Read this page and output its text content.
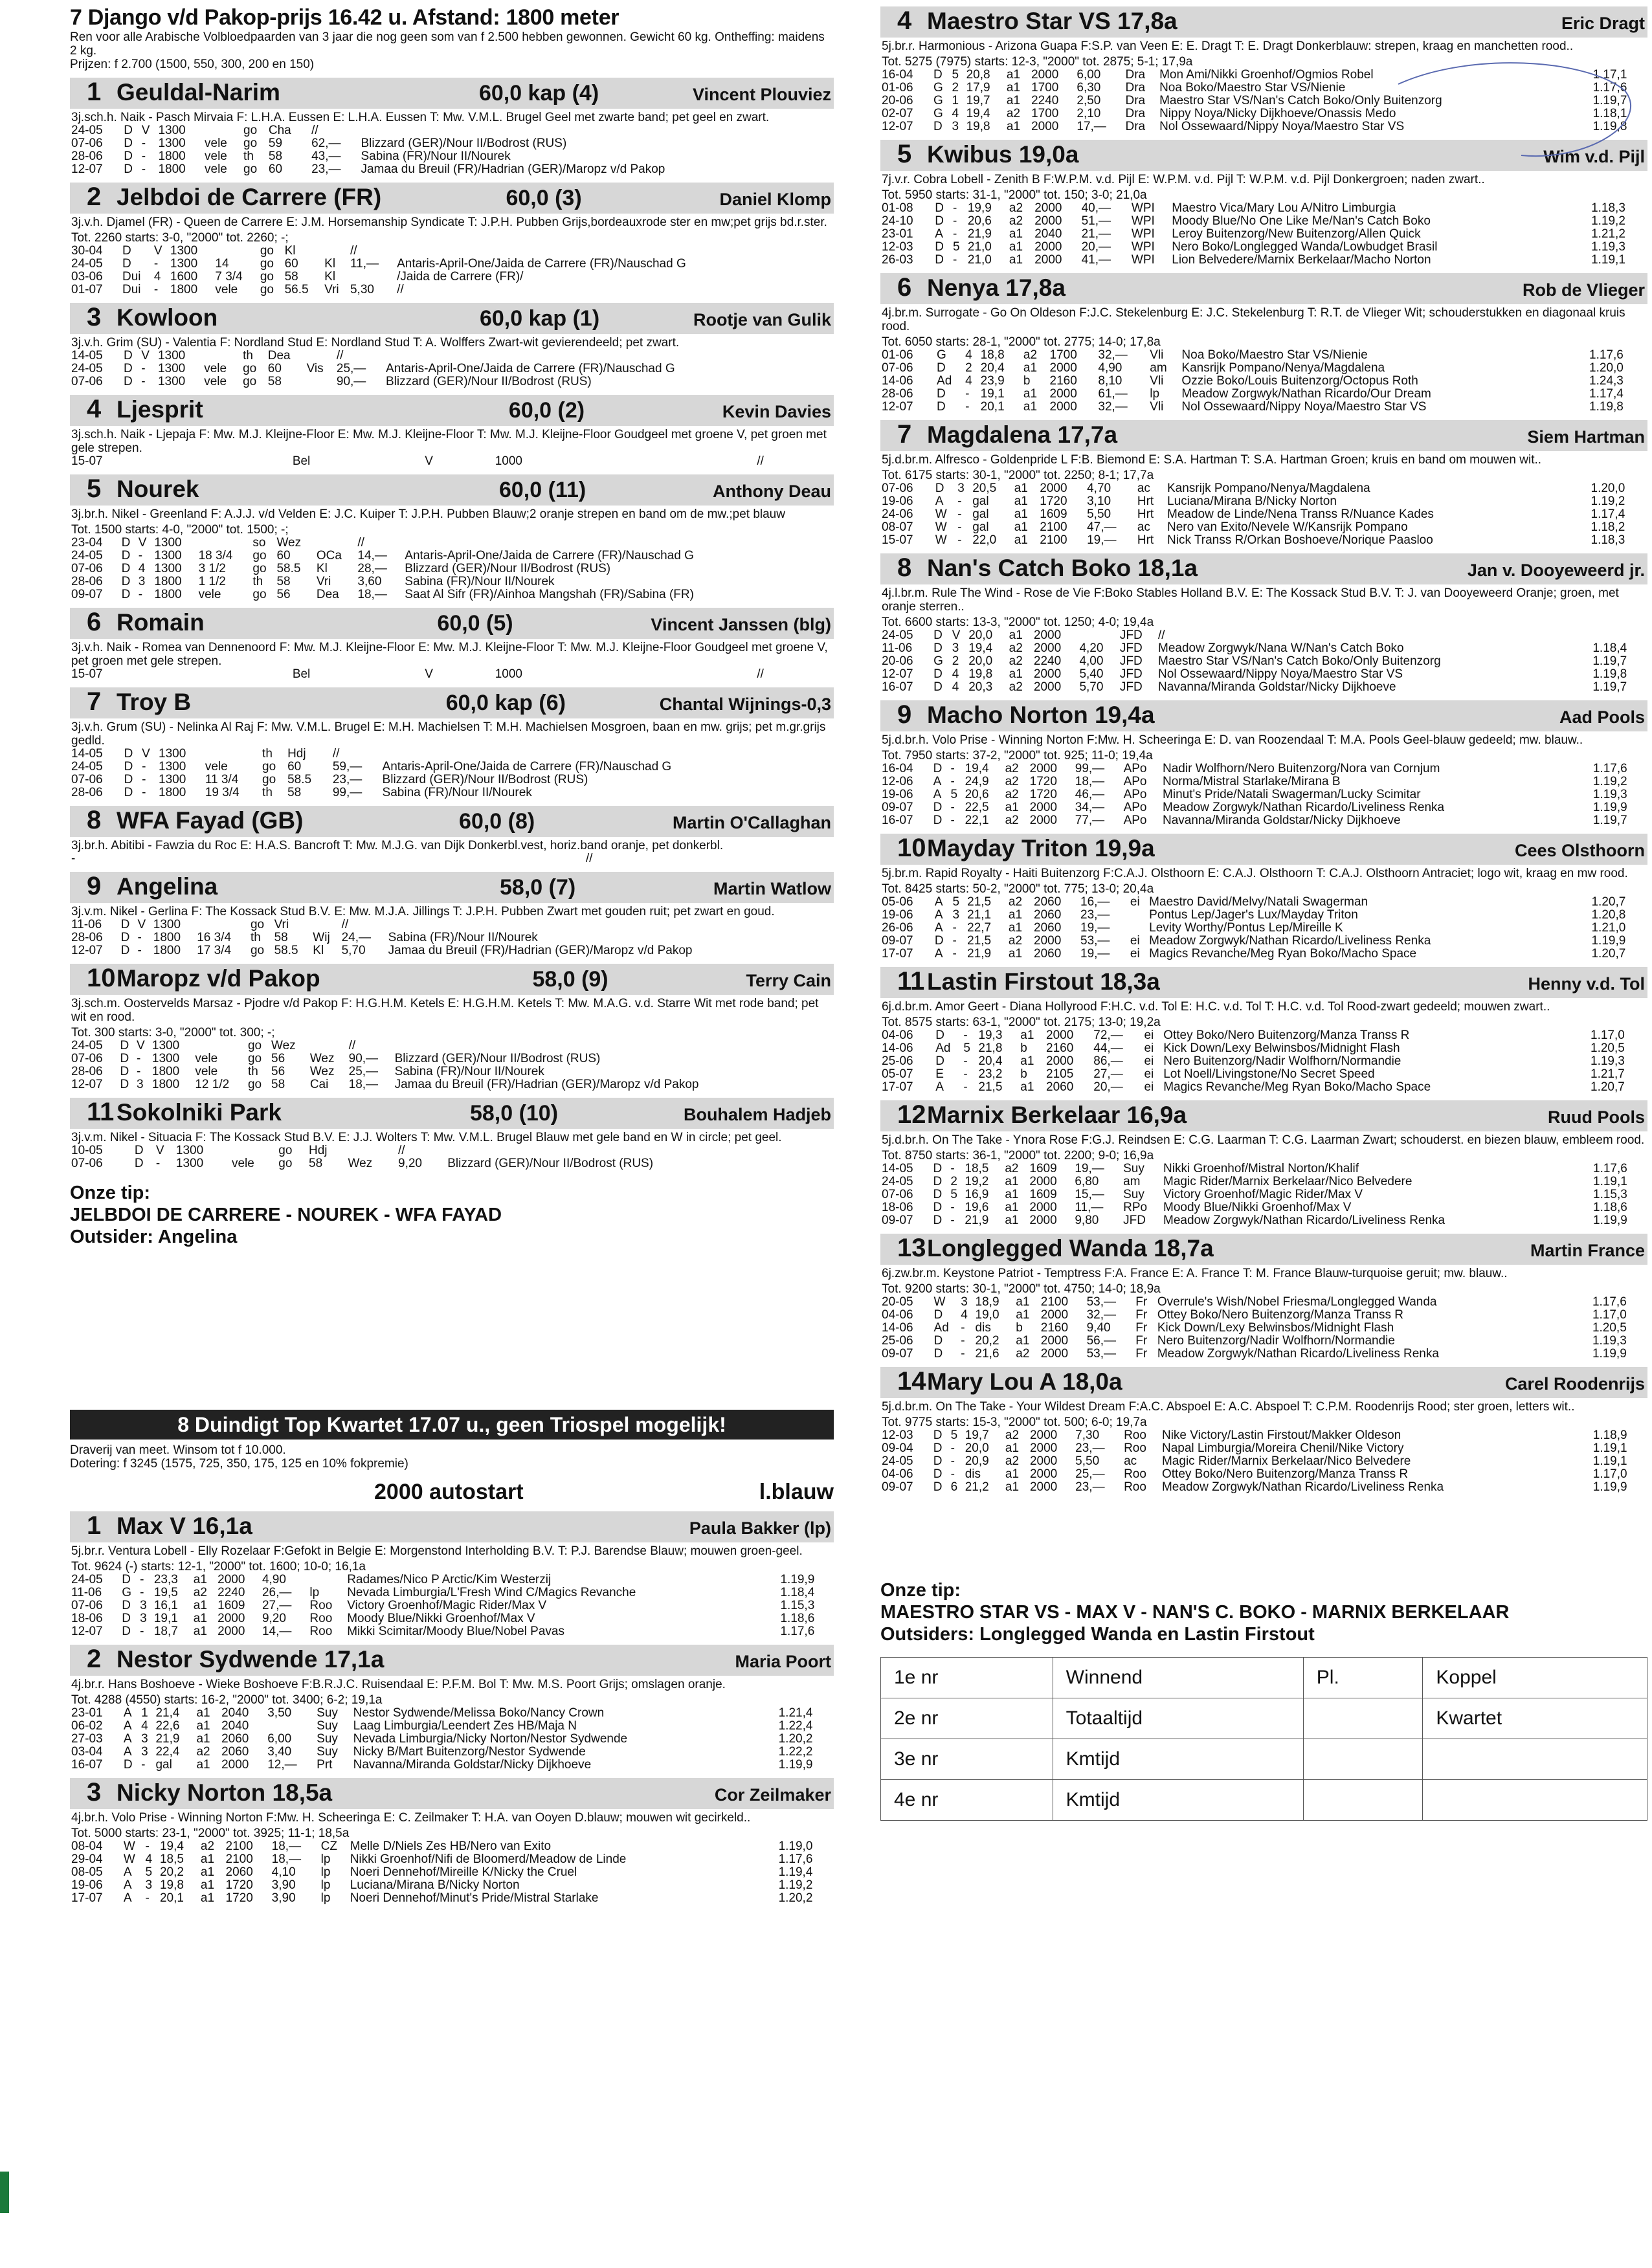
7 Django v/d Pakop-prijs 16.42 u. Afstand: 1800 meter
Ren voor alle Arabische Volbloedpaarden van 3 jaar die nog geen som van f 2.500 hebben gewonnen. Gewicht 60 kg. Ontheffing: maidens 2 kg.
Prijzen: f 2.700 (1500, 550, 300, 200 en 150)
1 Geuldal-Narim	60,0 kap (4)	Vincent Plouviez
3j.sch.h. Naik - Pasch Mirvaia F: L.H.A. Eussen E: L.H.A. Eussen T: Mw. V.M.L. Brugel Geel met zwarte band; pet geel en zwart.
24-05	D	V	1300		go	Cha		//	
07-06	D	-	1300	vele	go	59		62,—	Blizzard (GER)/Nour II/Bodrost (RUS)
28-06	D	-	1800	vele	th	58		43,—	Sabina (FR)/Nour II/Nourek
12-07	D	-	1800	vele	go	60		23,—	Jamaa du Breuil (FR)/Hadrian (GER)/Maropz v/d Pakop
2 Jelbdoi de Carrere (FR)	60,0 (3)	Daniel Klomp
3j.v.h. Djamel (FR) - Queen de Carrere E: J.M. Horsemanship Syndicate T: J.P.H. Pubben Grijs,bordeauxrode ster en mw;pet grijs bd.r.ster.
Tot. 2260 starts: 3-0, "2000" tot. 2260; -;
30-04	D	V	1300		go	Kl		//	
24-05	D	-	1300	14	go	60	Kl	11,—	Antaris-April-One/Jaida de Carrere (FR)/Nauschad G
03-06	Dui	4	1600	7 3/4	go	58	Kl		/Jaida de Carrere (FR)/
01-07	Dui	-	1800	vele	go	56.5	Vri	5,30	//
3 Kowloon	60,0 kap (1)	Rootje van Gulik
3j.v.h. Grim (SU) - Valentia F: Nordland Stud E: Nordland Stud T: A. Wolffers Zwart-wit gevierendeeld; pet zwart.
14-05	D	V	1300		th	Dea		//	
24-05	D	-	1300	vele	go	60	Vis	25,—	Antaris-April-One/Jaida de Carrere (FR)/Nauschad G
07-06	D	-	1300	vele	go	58		90,—	Blizzard (GER)/Nour II/Bodrost (RUS)
4 Ljesprit	60,0 (2)	Kevin Davies
3j.sch.h. Naik - Ljepaja F: Mw. M.J. Kleijne-Floor E: Mw. M.J. Kleijne-Floor T: Mw. M.J. Kleijne-Floor Goudgeel met groene V, pet groen met gele strepen.
15-07	Bel	V	1000					//	
5 Nourek	60,0 (11)	Anthony Deau
3j.br.h. Nikel - Greenland F: A.J.J. v/d Velden E: J.C. Kuiper T: J.P.H. Pubben Blauw;2 oranje strepen en band om de mw.;pet blauw
Tot. 1500 starts: 4-0, "2000" tot. 1500; -;
23-04	D	V	1300		so	Wez		//	
24-05	D	-	1300	18 3/4	go	60	OCa	14,—	Antaris-April-One/Jaida de Carrere (FR)/Nauschad G
07-06	D	4	1300	3 1/2	go	58.5	Kl	28,—	Blizzard (GER)/Nour II/Bodrost (RUS)
28-06	D	3	1800	1 1/2	th	58	Vri	3,60	Sabina (FR)/Nour II/Nourek
09-07	D	-	1800	vele	go	56	Dea	18,—	Saat Al Sifr (FR)/Ainhoa Mangshah (FR)/Sabina (FR)
6 Romain	60,0 (5)	Vincent Janssen (blg)
3j.v.h. Naik - Romea van Dennenoord F: Mw. M.J. Kleijne-Floor E: Mw. M.J. Kleijne-Floor T: Mw. M.J. Kleijne-Floor Goudgeel met groene V, pet groen met gele strepen.
15-07	Bel	V	1000					//	
7 Troy B	60,0 kap (6)	Chantal Wijnings-0,3
3j.v.h. Grum (SU) - Nelinka Al Raj F: Mw. V.M.L. Brugel E: M.H. Machielsen T: M.H. Machielsen Mosgroen, baan en mw. grijs; pet m.gr.grijs gedld.
14-05	D	V	1300		th	Hdj		//	
24-05	D	-	1300	vele	go	60		59,—	Antaris-April-One/Jaida de Carrere (FR)/Nauschad G
07-06	D	-	1300	11 3/4	go	58.5		23,—	Blizzard (GER)/Nour II/Bodrost (RUS)
28-06	D	-	1800	19 3/4	th	58		99,—	Sabina (FR)/Nour II/Nourek
8 WFA Fayad (GB)	60,0 (8)	Martin O'Callaghan
3j.br.h. Abitibi - Fawzia du Roc E: H.A.S. Bancroft T: Mw. M.J.G. van Dijk Donkerbl.vest, horiz.band oranje, pet donkerbl.
-								//	
9 Angelina	58,0 (7)	Martin Watlow
3j.v.m. Nikel - Gerlina F: The Kossack Stud B.V. E: Mw. M.J.A. Jillings T: J.P.H. Pubben Zwart met gouden ruit; pet zwart en goud.
11-06	D	V	1300		go	Vri		//	
28-06	D	-	1800	16 3/4	th	58	Wij	24,—	Sabina (FR)/Nour II/Nourek
12-07	D	-	1800	17 3/4	go	58.5	Kl	5,70	Jamaa du Breuil (FR)/Hadrian (GER)/Maropz v/d Pakop
10 Maropz v/d Pakop	58,0 (9)	Terry Cain
3j.sch.m. Oostervelds Marsaz - Pjodre v/d Pakop F: H.G.H.M. Ketels E: H.G.H.M. Ketels T: Mw. M.A.G. v.d. Starre Wit met rode band; pet wit en rood.
Tot. 300 starts: 3-0, "2000" tot. 300; -;
24-05	D	V	1300		go	Wez		//	
07-06	D	-	1300	vele	go	56	Wez	90,—	Blizzard (GER)/Nour II/Bodrost (RUS)
28-06	D	-	1800	vele	th	56	Wez	25,—	Sabina (FR)/Nour II/Nourek
12-07	D	3	1800	12 1/2	go	58	Cai	18,—	Jamaa du Breuil (FR)/Hadrian (GER)/Maropz v/d Pakop
11 Sokolniki Park	58,0 (10)	Bouhalem Hadjeb
3j.v.m. Nikel - Situacia F: The Kossack Stud B.V. E: J.J. Wolters T: Mw. V.M.L. Brugel Blauw met gele band en W in circle; pet geel.
10-05	D	V	1300		go	Hdj		//	
07-06	D	-	1300	vele	go	58	Wez	9,20	Blizzard (GER)/Nour II/Bodrost (RUS)
Onze tip:
JELBDOI DE CARRERE - NOUREK - WFA FAYAD
Outsider: Angelina
8 Duindigt Top Kwartet 17.07 u., geen Triospel mogelijk!
Draverij van meet. Winsom tot f 10.000.
Dotering: f 3245 (1575, 725, 350, 175, 125 en 10% fokpremie)
2000 autostart	l.blauw
1 Max V 16,1a	Paula Bakker (lp)
5j.br.r. Ventura Lobell - Elly Rozelaar F:Gefokt in Belgie E: Morgenstond Interholding B.V. T: P.J. Barendse Blauw; mouwen groen-geel.
Tot. 9624 (-) starts: 12-1, "2000" tot. 1600; 10-0; 16,1a
24-05	D	-	23,3	a1	2000	4,90		Radames/Nico P Arctic/Kim Westerzij	1.19,9
11-06	G	-	19,5	a2	2240	26,—	lp	Nevada Limburgia/L'Fresh Wind C/Magics Revanche	1.18,4
07-06	D	3	16,1	a1	1609	27,—	Roo	Victory Groenhof/Magic Rider/Max V	1.15,3
18-06	D	3	19,1	a1	2000	9,20	Roo	Moody Blue/Nikki Groenhof/Max V	1.18,6
12-07	D	-	18,7	a1	2000	14,—	Roo	Mikki Scimitar/Moody Blue/Nobel Pavas	1.17,6
2 Nestor Sydwende 17,1a	Maria Poort
4j.br.r. Hans Boshoeve - Wieke Boshoeve F:B.R.J.C. Ruisendaal E: P.F.M. Bol T: Mw. M.S. Poort Grijs; omslagen oranje.
Tot. 4288 (4550) starts: 16-2, "2000" tot. 3400; 6-2; 19,1a
23-01	A	1	21,4	a1	2040	3,50	Suy	Nestor Sydwende/Melissa Boko/Nancy Crown	1.21,4
06-02	A	4	22,6	a1	2040		Suy	Laag Limburgia/Leendert Zes HB/Maja N	1.22,4
27-03	A	3	21,9	a1	2060	6,00	Suy	Nevada Limburgia/Nicky Norton/Nestor Sydwende	1.20,2
03-04	A	3	22,4	a2	2060	3,40	Suy	Nicky B/Mart Buitenzorg/Nestor Sydwende	1.22,2
16-07	D	-	gal	a1	2000	12,—	Prt	Navanna/Miranda Goldstar/Nicky Dijkhoeve	1.19,9
3 Nicky Norton 18,5a	Cor Zeilmaker
4j.br.h. Volo Prise - Winning Norton F:Mw. H. Scheeringa E: C. Zeilmaker T: H.A. van Ooyen D.blauw; mouwen wit gecirkeld..
Tot. 5000 starts: 23-1, "2000" tot. 3925; 11-1; 18,5a
08-04	W	-	19,4	a2	2100	18,—	CZ	Melle D/Niels Zes HB/Nero van Exito	1.19,0
29-04	W	4	18,5	a1	2100	18,—	lp	Nikki Groenhof/Nifi de Bloomerd/Meadow de Linde	1.17,6
08-05	A	5	20,2	a1	2060	4,10	lp	Noeri Dennehof/Mireille K/Nicky the Cruel	1.19,4
19-06	A	3	19,8	a1	1720	3,90	lp	Luciana/Mirana B/Nicky Norton	1.19,2
17-07	A	-	20,1	a1	1720	3,90	lp	Noeri Dennehof/Minut's Pride/Mistral Starlake	1.20,2
4 Maestro Star VS 17,8a	Eric Dragt
5j.br.r. Harmonious - Arizona Guapa F:S.P. van Veen E: E. Dragt T: E. Dragt Donkerblauw: strepen, kraag en manchetten rood..
Tot. 5275 (7975) starts: 12-3, "2000" tot. 2875; 5-1; 17,9a
16-04	D	5	20,8	a1	2000	6,00	Dra	Mon Ami/Nikki Groenhof/Ogmios Robel	1.17,1
01-06	G	2	17,9	a1	1700	6,30	Dra	Noa Boko/Maestro Star VS/Nienie	1.17,6
20-06	G	1	19,7	a1	2240	2,50	Dra	Maestro Star VS/Nan's Catch Boko/Only Buitenzorg	1.19,7
02-07	G	4	19,4	a2	1700	2,10	Dra	Nippy Noya/Nicky Dijkhoeve/Onassis Medo	1.18,1
12-07	D	3	19,8	a1	2000	17,—	Dra	Nol Ossewaard/Nippy Noya/Maestro Star VS	1.19,8
5 Kwibus 19,0a	Wim v.d. Pijl
7j.v.r. Cobra Lobell - Zenith B F:W.P.M. v.d. Pijl E: W.P.M. v.d. Pijl T: W.P.M. v.d. Pijl Donkergroen; naden zwart..
Tot. 5950 starts: 31-1, "2000" tot. 150; 3-0; 21,0a
01-08	D	-	19,9	a2	2000	40,—	WPI	Maestro Vica/Mary Lou A/Nitro Limburgia	1.18,3
24-10	D	-	20,6	a2	2000	51,—	WPI	Moody Blue/No One Like Me/Nan's Catch Boko	1.19,2
23-01	A	-	21,9	a1	2040	21,—	WPI	Leroy Buitenzorg/New Buitenzorg/Allen Quick	1.21,2
12-03	D	5	21,0	a1	2000	20,—	WPI	Nero Boko/Longlegged Wanda/Lowbudget Brasil	1.19,3
26-03	D	-	21,0	a1	2000	41,—	WPI	Lion Belvedere/Marnix Berkelaar/Macho Norton	1.19,1
6 Nenya 17,8a	Rob de Vlieger
4j.br.m. Surrogate - Go On Oldeson F:J.C. Stekelenburg E: J.C. Stekelenburg T: R.T. de Vlieger Wit; schouderstukken en diagonaal kruis rood.
Tot. 6050 starts: 28-1, "2000" tot. 2775; 14-0; 17,8a
01-06	G	4	18,8	a2	1700	32,—	Vli	Noa Boko/Maestro Star VS/Nienie	1.17,6
07-06	D	2	20,4	a1	2000	4,90	am	Kansrijk Pompano/Nenya/Magdalena	1.20,0
14-06	Ad	4	23,9	b	2160	8,10	Vli	Ozzie Boko/Louis Buitenzorg/Octopus Roth	1.24,3
28-06	D	-	19,1	a1	2000	61,—	lp	Meadow Zorgwyk/Nathan Ricardo/Our Dream	1.17,4
12-07	D	-	20,1	a1	2000	32,—	Vli	Nol Ossewaard/Nippy Noya/Maestro Star VS	1.19,8
7 Magdalena 17,7a	Siem Hartman
5j.d.br.m. Alfresco - Goldenpride L F:B. Biemond E: S.A. Hartman T: S.A. Hartman Groen; kruis en band om mouwen wit..
Tot. 6175 starts: 30-1, "2000" tot. 2250; 8-1; 17,7a
07-06	D	3	20,5	a1	2000	4,70	ac	Kansrijk Pompano/Nenya/Magdalena	1.20,0
19-06	A	-	gal	a1	1720	3,10	Hrt	Luciana/Mirana B/Nicky Norton	1.19,2
24-06	W	-	gal	a1	1609	5,50	Hrt	Meadow de Linde/Nena Transs R/Nuance Kades	1.17,4
08-07	W	-	gal	a1	2100	47,—	ac	Nero van Exito/Nevele W/Kansrijk Pompano	1.18,2
15-07	W	-	22,0	a1	2100	19,—	Hrt	Nick Transs R/Orkan Boshoeve/Norique Paasloo	1.18,3
8 Nan's Catch Boko 18,1a	Jan v. Dooyeweerd jr.
4j.l.br.m. Rule The Wind - Rose de Vie F:Boko Stables Holland B.V. E: The Kossack Stud B.V. T: J. van Dooyeweerd Oranje; groen, met oranje sterren..
Tot. 6600 starts: 13-3, "2000" tot. 1250; 4-0; 19,4a
24-05	D	V	20,0	a1	2000		JFD	//	
11-06	D	3	19,4	a2	2000	4,20	JFD	Meadow Zorgwyk/Nana W/Nan's Catch Boko	1.18,4
20-06	G	2	20,0	a2	2240	4,00	JFD	Maestro Star VS/Nan's Catch Boko/Only Buitenzorg	1.19,7
12-07	D	4	19,8	a1	2000	5,40	JFD	Nol Ossewaard/Nippy Noya/Maestro Star VS	1.19,8
16-07	D	4	20,3	a2	2000	5,70	JFD	Navanna/Miranda Goldstar/Nicky Dijkhoeve	1.19,7
9 Macho Norton 19,4a	Aad Pools
5j.d.br.h. Volo Prise - Winning Norton F:Mw. H. Scheeringa E: D. van Roozendaal T: M.A. Pools Geel-blauw gedeeld; mw. blauw..
Tot. 7950 starts: 37-2, "2000" tot. 925; 11-0; 19,4a
16-04	D	-	19,4	a2	2000	99,—	APo	Nadir Wolfhorn/Nero Buitenzorg/Nora van Cornjum	1.17,6
12-06	A	-	24,9	a2	1720	18,—	APo	Norma/Mistral Starlake/Mirana B	1.19,2
19-06	A	5	20,6	a2	1720	46,—	APo	Minut's Pride/Natali Swagerman/Lucky Scimitar	1.19,3
09-07	D	-	22,5	a1	2000	34,—	APo	Meadow Zorgwyk/Nathan Ricardo/Liveliness Renka	1.19,9
16-07	D	-	22,1	a2	2000	77,—	APo	Navanna/Miranda Goldstar/Nicky Dijkhoeve	1.19,7
10 Mayday Triton 19,9a	Cees Olsthoorn
5j.br.m. Rapid Royalty - Haiti Buitenzorg F:C.A.J. Olsthoorn E: C.A.J. Olsthoorn T: C.A.J. Olsthoorn Antraciet; logo wit, kraag en mw rood.
Tot. 8425 starts: 50-2, "2000" tot. 775; 13-0; 20,4a
05-06	A	5	21,5	a2	2060	16,—	ei	Maestro David/Melvy/Natali Swagerman	1.20,7
19-06	A	3	21,1	a1	2060	23,—		Pontus Lep/Jager's Lux/Mayday Triton	1.20,8
26-06	A	-	22,7	a1	2060	19,—		Levity Worthy/Pontus Lep/Mireille K	1.21,0
09-07	D	-	21,5	a2	2000	53,—	ei	Meadow Zorgwyk/Nathan Ricardo/Liveliness Renka	1.19,9
17-07	A	-	21,9	a1	2060	19,—	ei	Magics Revanche/Meg Ryan Boko/Macho Space	1.20,7
11 Lastin Firstout 18,3a	Henny v.d. Tol
6j.d.br.m. Amor Geert - Diana Hollyrood F:H.C. v.d. Tol E: H.C. v.d. Tol T: H.C. v.d. Tol Rood-zwart gedeeld; mouwen zwart..
Tot. 8575 starts: 63-1, "2000" tot. 2175; 13-0; 19,2a
04-06	D	-	19,3	a1	2000	72,—	ei	Ottey Boko/Nero Buitenzorg/Manza Transs R	1.17,0
14-06	Ad	5	21,8	b	2160	44,—	ei	Kick Down/Lexy Belwinsbos/Midnight Flash	1.20,5
25-06	D	-	20,4	a1	2000	86,—	ei	Nero Buitenzorg/Nadir Wolfhorn/Normandie	1.19,3
05-07	E	-	23,2	b	2105	27,—	ei	Lot Noell/Livingstone/No Secret Speed	1.21,7
17-07	A	-	21,5	a1	2060	20,—	ei	Magics Revanche/Meg Ryan Boko/Macho Space	1.20,7
12 Marnix Berkelaar 16,9a	Ruud Pools
5j.d.br.h. On The Take - Ynora Rose F:G.J. Reindsen E: C.G. Laarman T: C.G. Laarman Zwart; schouderst. en biezen blauw, embleem rood.
Tot. 8750 starts: 36-1, "2000" tot. 2200; 9-0; 16,9a
14-05	D	-	18,5	a2	1609	19,—	Suy	Nikki Groenhof/Mistral Norton/Khalif	1.17,6
24-05	D	2	19,2	a1	2000	6,80	am	Magic Rider/Marnix Berkelaar/Nico Belvedere	1.19,1
07-06	D	5	16,9	a1	1609	15,—	Suy	Victory Groenhof/Magic Rider/Max V	1.15,3
18-06	D	-	19,6	a1	2000	11,—	RPo	Moody Blue/Nikki Groenhof/Max V	1.18,6
09-07	D	-	21,9	a1	2000	9,80	JFD	Meadow Zorgwyk/Nathan Ricardo/Liveliness Renka	1.19,9
13 Longlegged Wanda 18,7a	Martin France
6j.zw.br.m. Keystone Patriot - Temptress F:A. France E: A. France T: M. France Blauw-turquoise geruit; mw. blauw..
Tot. 9200 starts: 30-1, "2000" tot. 4750; 14-0; 18,9a
20-05	W	3	18,9	a1	2100	53,—	Fr	Overrule's Wish/Nobel Friesma/Longlegged Wanda	1.17,6
04-06	D	4	19,0	a1	2000	32,—	Fr	Ottey Boko/Nero Buitenzorg/Manza Transs R	1.17,0
14-06	Ad	-	dis	b	2160	9,40	Fr	Kick Down/Lexy Belwinsbos/Midnight Flash	1.20,5
25-06	D	-	20,2	a1	2000	56,—	Fr	Nero Buitenzorg/Nadir Wolfhorn/Normandie	1.19,3
09-07	D	-	21,6	a2	2000	53,—	Fr	Meadow Zorgwyk/Nathan Ricardo/Liveliness Renka	1.19,9
14 Mary Lou A 18,0a	Carel Roodenrijs
5j.d.br.m. On The Take - Your Wildest Dream F:A.C. Abspoel E: A.C. Abspoel T: C.P.M. Roodenrijs Rood; ster groen, letters wit..
Tot. 9775 starts: 15-3, "2000" tot. 500; 6-0; 19,7a
12-03	D	5	19,7	a2	2000	7,30	Roo	Nike Victory/Lastin Firstout/Makker Oldeson	1.18,9
09-04	D	-	20,0	a1	2000	23,—	Roo	Napal Limburgia/Moreira Chenil/Nike Victory	1.19,1
24-05	D	-	20,9	a2	2000	5,50	ac	Magic Rider/Marnix Berkelaar/Nico Belvedere	1.19,1
04-06	D	-	dis	a1	2000	25,—	Roo	Ottey Boko/Nero Buitenzorg/Manza Transs R	1.17,0
09-07	D	6	21,2	a1	2000	23,—	Roo	Meadow Zorgwyk/Nathan Ricardo/Liveliness Renka	1.19,9
Onze tip:
MAESTRO STAR VS - MAX V - NAN'S C. BOKO - MARNIX BERKELAAR
Outsiders: Longlegged Wanda en Lastin Firstout
1e nr	Winnend	Pl.	Koppel
2e nr	Totaaltijd		Kwartet
3e nr	Kmtijd		
4e nr	Kmtijd		
